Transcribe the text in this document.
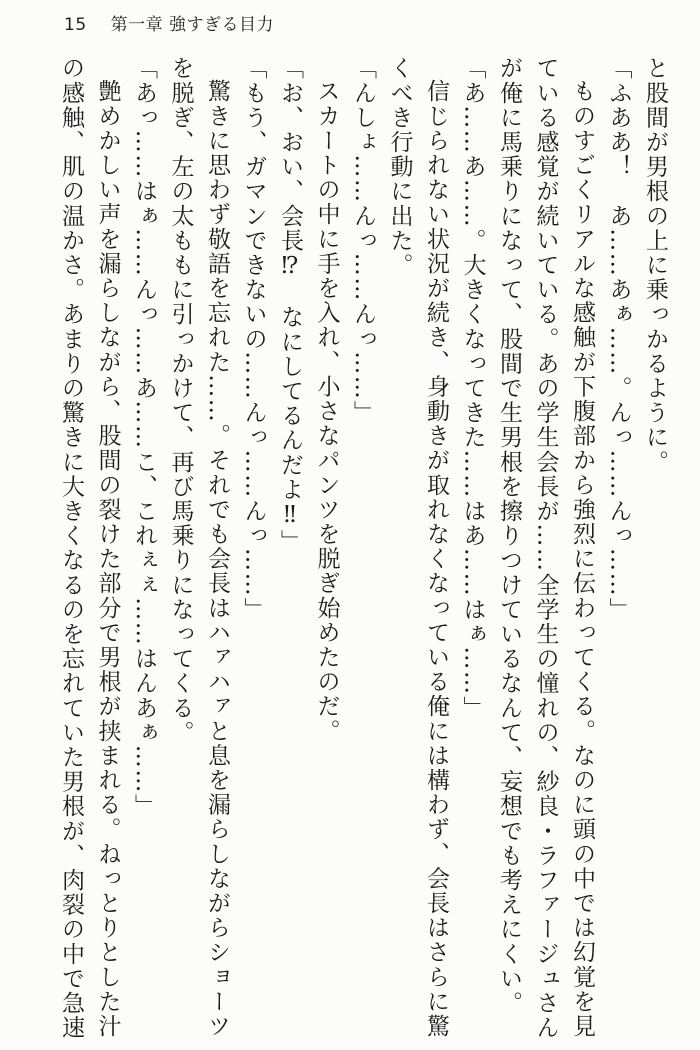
15 第一章 強すぎる目力

と股間が男根の上に乗っかるように。

「ふああ！　あ……あぁ……。んっ……んっ……」

ものすごくリアルな感触が下腹部から強烈に伝わってくる。なのに頭の中では幻覚を見

ている感覚が続いている。あの学生会長が……全学生の憧れの、紗良・ラファージュさん

が俺に馬乗りになって、股間で生男根を擦りつけているなんて、妄想でも考えにくい。

「あ……あ……。大きくなってきた……はあ……はぁ……」

信じられない状況が続き、身動きが取れなくなっている俺には構わず、会長はさらに驚

くべき行動に出た。

「んしょ……んっ……んっ……」

スカートの中に手を入れ、小さなパンツを脱ぎ始めたのだ。

「お、おい、会長⁉　なにしてるんだよ‼」

「もう、ガマンできないの……んっ……んっ……」

驚きに思わず敬語を忘れた……。それでも会長はハァハァと息を漏らしながらショーツ

を脱ぎ、左の太ももに引っかけて、再び馬乗りになってくる。

「あっ……はぁ……んっ……あ……こ、これぇぇ……はんあぁ……」

艶めかしい声を漏らしながら、股間の裂けた部分で男根が挟まれる。ねっとりとした汁

の感触、肌の温かさ。あまりの驚きに大きくなるのを忘れていた男根が、肉裂の中で急速
